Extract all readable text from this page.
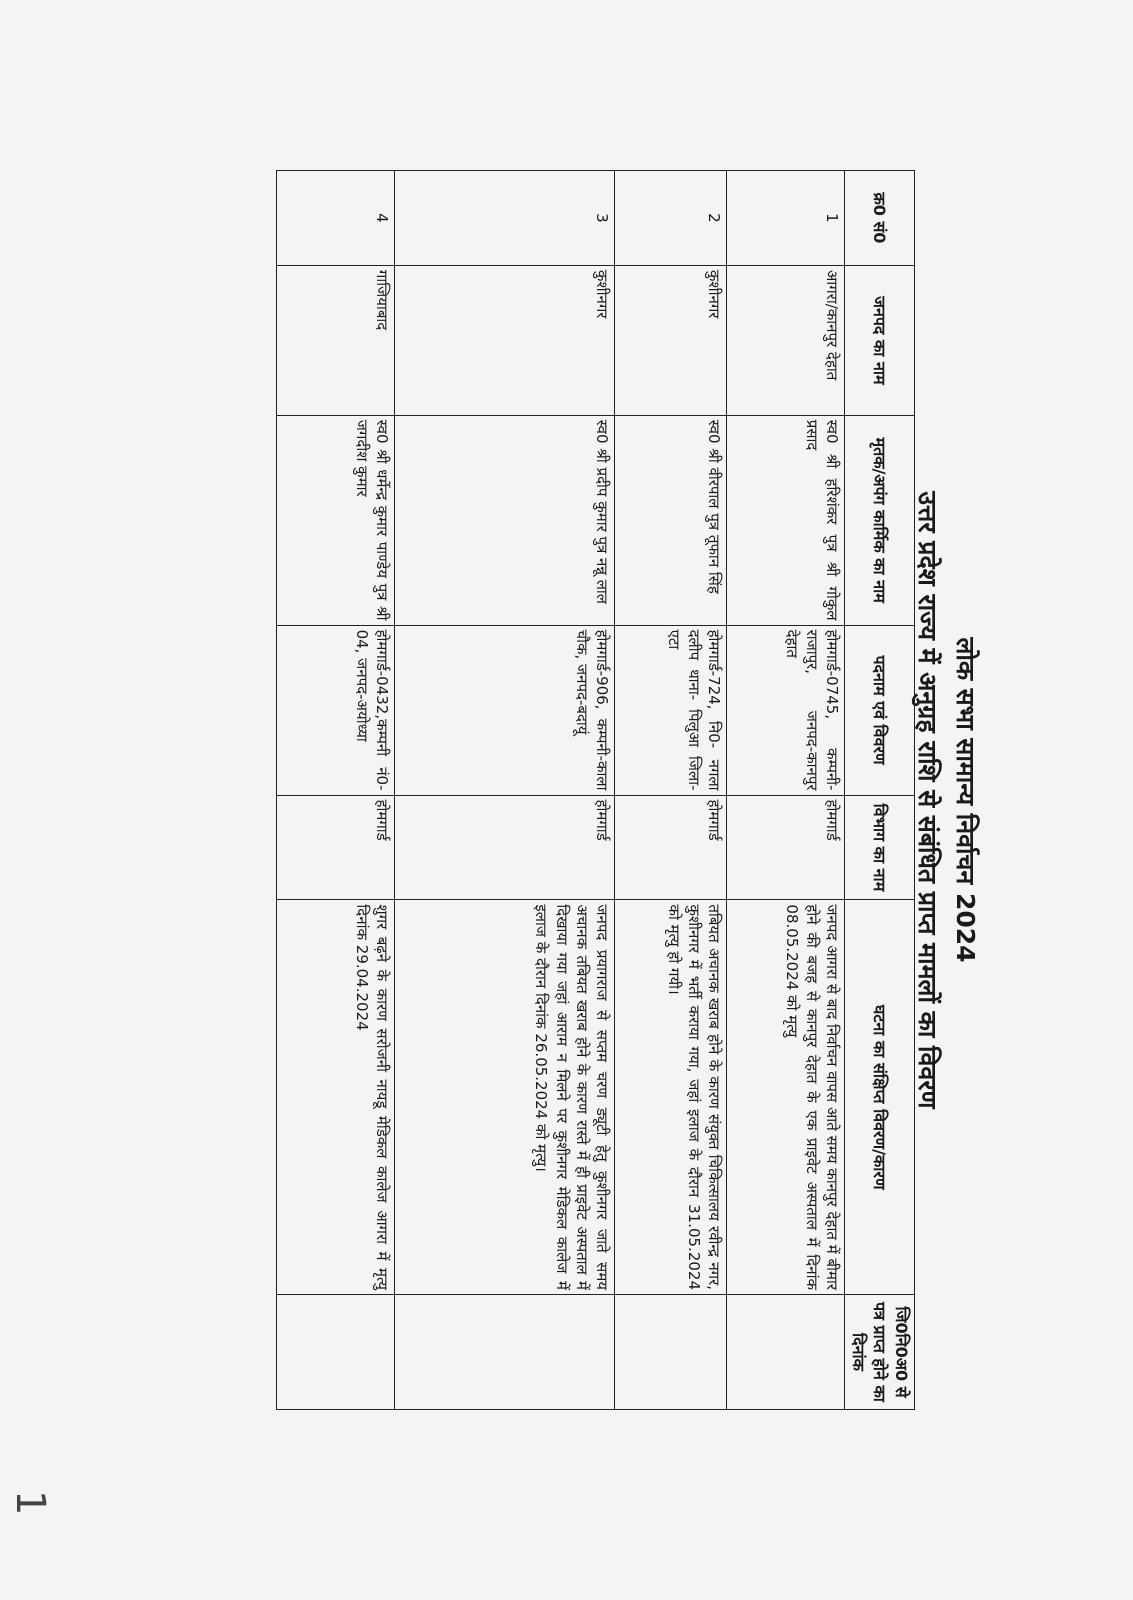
लोक सभा सामान्य निर्वाचन 2024
उत्तर प्रदेश राज्य में अनुग्रह राशि से संबंधित प्राप्त मामलों का विवरण
क्र0 सं0	जनपद का नाम	मृतक/अपंग कार्मिक का नाम	पदनाम एवं विवरण	विभाग का नाम	घटना का संक्षिप्त विवरण/कारण	जि0नि0अ0 से पत्र प्राप्त होने का दिनांक
1	आगरा/कानपुर देहात	स्व0 श्री हरिशंकर पुत्र श्री गोकुल प्रसाद	होमगार्ड-0745, कम्पनी-राजापुर, जनपद-कानपुर देहात	होमगार्ड	जनपद आगरा से बाद निर्वाचन वापस आते समय कानपुर देहात में बीमार होने की बजह से कानपुर देहात के एक प्राइवेट अस्पताल में दिनांक 08.05.2024 को मृत्यु	
2	कुशीनगर	स्व0 श्री वीरपाल पुत्र तूफान सिंह	होमगार्ड-724, नि0- नगला दलीप थाना- पिलुआ जिला-एटा	होमगार्ड	तबियत अचानक खराब होने के कारण संयुक्त चिकित्सालय रवीन्द्र नगर, कुशीनगर में भर्ती कराया गया, जहां इलाज के दौरान 31.05.2024 को मृत्यु हो गयी।	
3	कुशीनगर	स्व0 श्री प्रदीप कुमार पुत्र नन्नू लाल	होमगार्ड-906, कम्पनी-काला चौक, जनपद-बदायूं	होमगार्ड	जनपद प्रयागराज से सप्तम चरण ड्यूटी हेतु कुशीनगर जाते समय अचानक तबियत खराब होने के कारण रास्ते में ही प्राइवेट अस्पताल में दिखाया गया जहां आराम न मिलने पर कुशीनगर मेडिकल कालेज में इलाज के दौरान दिनांक 26.05.2024 को मृत्यु।	
4	गाजियाबाद	स्व0 श्री धर्मेन्द्र कुमार पाण्डेय पुत्र श्री जगदीश कुमार	होमगार्ड-0432,कम्पनी नं0-04, जनपद-अयोध्या	होमगार्ड	शुगर बढ़ने के कारण सरोजनी नायडू मेडिकल कालेज आगरा में मृत्यु दिनांक 29.04.2024	
1
